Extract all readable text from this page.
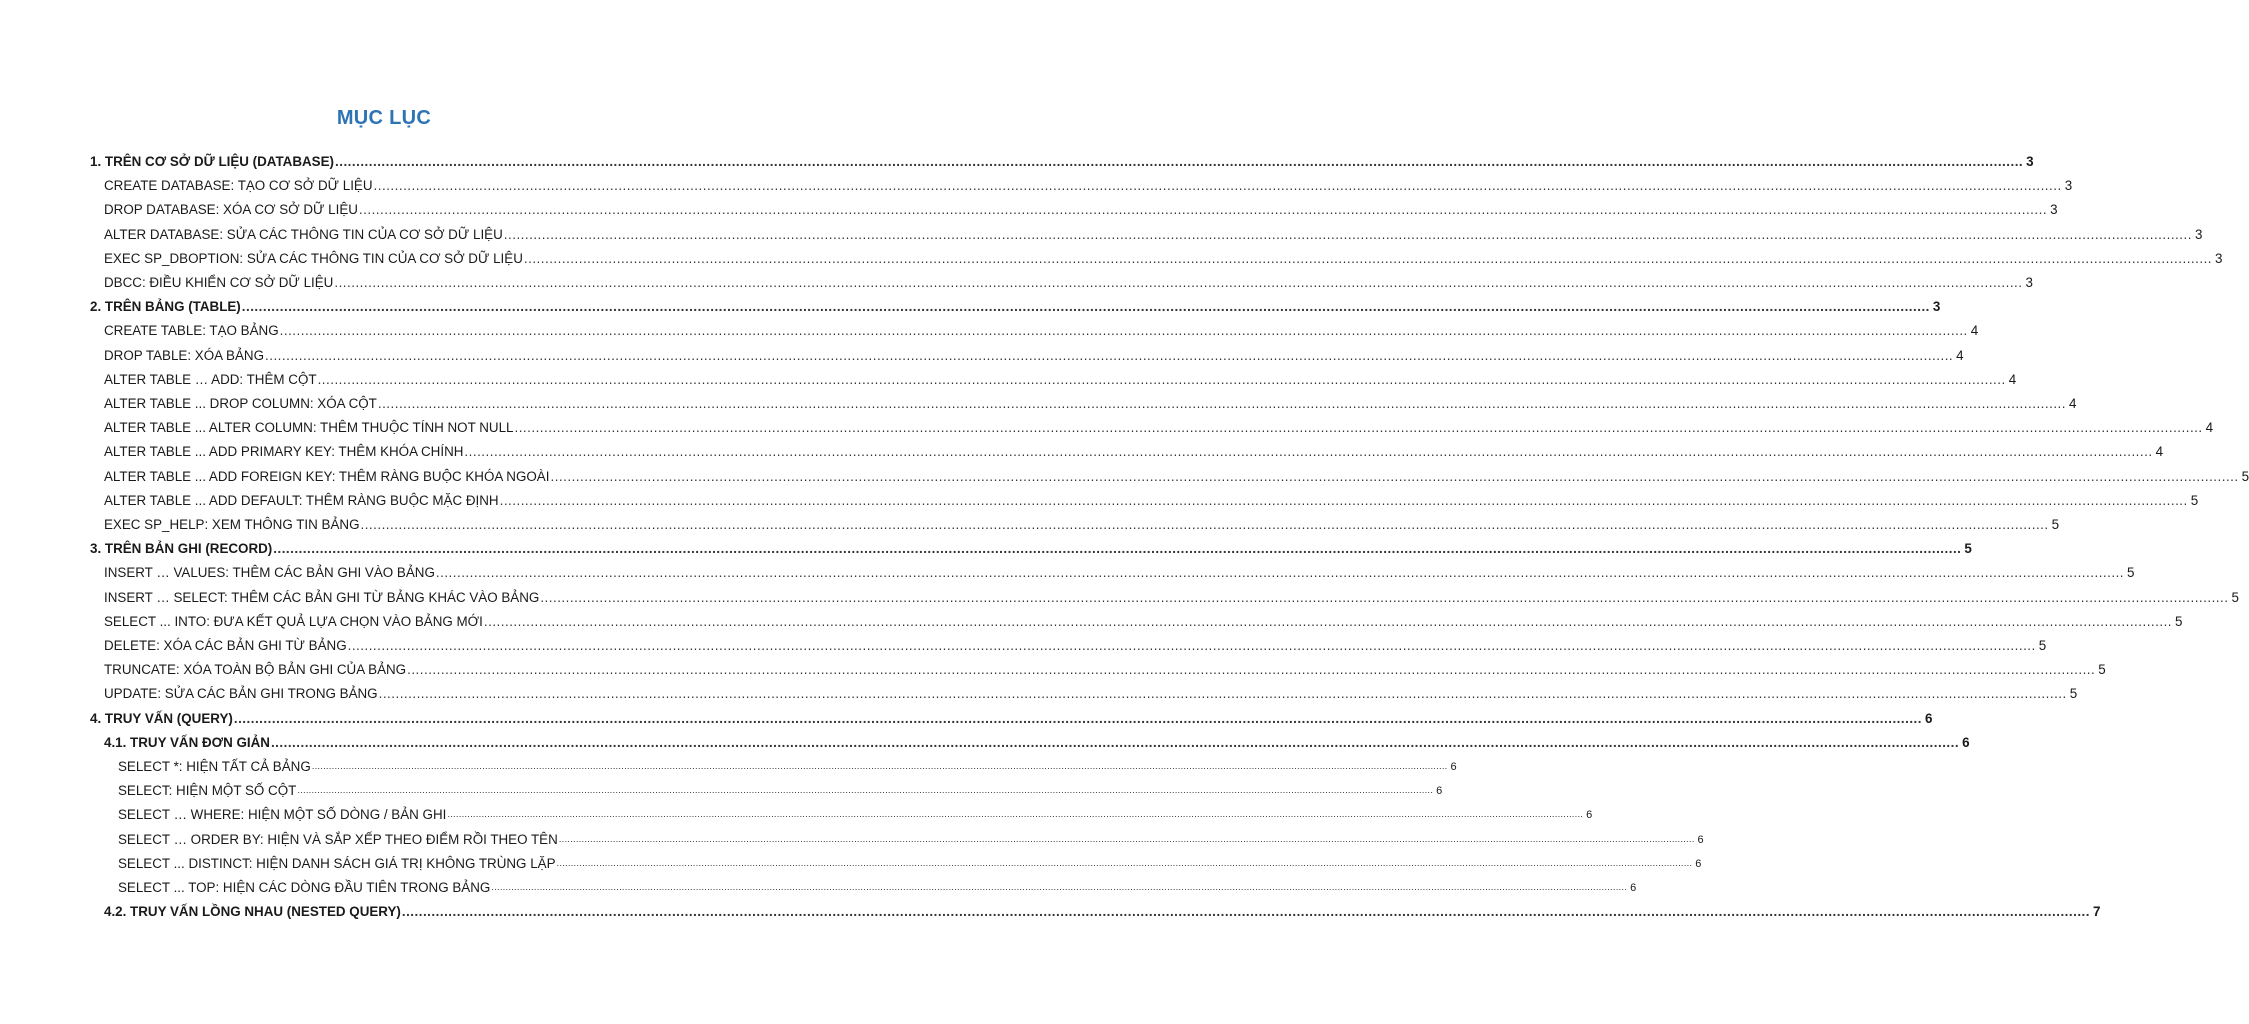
MỤC LỤC
1. TRÊN CƠ SỞ DỮ LIỆU (DATABASE) ................................................................................................................................................................................................................................................................................................................................................................................................................ 3
CREATE DATABASE: TẠO CƠ SỞ DỮ LIỆU ................................................................................................................................................................................................................................................................................................................................................................................................................ 3
DROP DATABASE: XÓA CƠ SỞ DỮ LIỆU ................................................................................................................................................................................................................................................................................................................................................................................................................ 3
ALTER DATABASE: SỬA CÁC THÔNG TIN CỦA CƠ SỞ DỮ LIỆU ................................................................................................................................................................................................................................................................................................................................................................................................................ 3
EXEC SP_DBOPTION: SỬA CÁC THÔNG TIN CỦA CƠ SỞ DỮ LIỆU ................................................................................................................................................................................................................................................................................................................................................................................................................ 3
DBCC: ĐIỀU KHIỂN CƠ SỞ DỮ LIỆU ................................................................................................................................................................................................................................................................................................................................................................................................................ 3
2. TRÊN BẢNG (TABLE) ................................................................................................................................................................................................................................................................................................................................................................................................................ 3
CREATE TABLE: TẠO BẢNG ................................................................................................................................................................................................................................................................................................................................................................................................................ 4
DROP TABLE: XÓA BẢNG ................................................................................................................................................................................................................................................................................................................................................................................................................ 4
ALTER TABLE … ADD: THÊM CỘT ................................................................................................................................................................................................................................................................................................................................................................................................................ 4
ALTER TABLE ... DROP COLUMN: XÓA CỘT ................................................................................................................................................................................................................................................................................................................................................................................................................ 4
ALTER TABLE ... ALTER COLUMN: THÊM THUỘC TÍNH NOT NULL ................................................................................................................................................................................................................................................................................................................................................................................................................ 4
ALTER TABLE ... ADD PRIMARY KEY: THÊM KHÓA CHÍNH ................................................................................................................................................................................................................................................................................................................................................................................................................ 4
ALTER TABLE ... ADD FOREIGN KEY: THÊM RÀNG BUỘC KHÓA NGOÀI ................................................................................................................................................................................................................................................................................................................................................................................................................ 5
ALTER TABLE ... ADD DEFAULT: THÊM RÀNG BUỘC MẶC ĐỊNH ................................................................................................................................................................................................................................................................................................................................................................................................................ 5
EXEC SP_HELP: XEM THÔNG TIN BẢNG ................................................................................................................................................................................................................................................................................................................................................................................................................ 5
3. TRÊN BẢN GHI (RECORD) ................................................................................................................................................................................................................................................................................................................................................................................................................ 5
INSERT … VALUES: THÊM CÁC BẢN GHI VÀO BẢNG ................................................................................................................................................................................................................................................................................................................................................................................................................ 5
INSERT … SELECT: THÊM CÁC BẢN GHI TỪ BẢNG KHÁC VÀO BẢNG ................................................................................................................................................................................................................................................................................................................................................................................................................ 5
SELECT ... INTO: ĐƯA KẾT QUẢ LỰA CHỌN VÀO BẢNG MỚI ................................................................................................................................................................................................................................................................................................................................................................................................................ 5
DELETE: XÓA CÁC BẢN GHI TỪ BẢNG ................................................................................................................................................................................................................................................................................................................................................................................................................ 5
TRUNCATE: XÓA TOÀN BỘ BẢN GHI CỦA BẢNG ................................................................................................................................................................................................................................................................................................................................................................................................................ 5
UPDATE: SỬA CÁC BẢN GHI TRONG BẢNG ................................................................................................................................................................................................................................................................................................................................................................................................................ 5
4. TRUY VẤN (QUERY) ................................................................................................................................................................................................................................................................................................................................................................................................................ 6
4.1. TRUY VẤN ĐƠN GIẢN ................................................................................................................................................................................................................................................................................................................................................................................................................ 6
SELECT *: HIỆN TẤT CẢ BẢNG ................................................................................................................................................................................................................................................................................................................................................................................................................ 6
SELECT: HIỆN MỘT SỐ CỘT ................................................................................................................................................................................................................................................................................................................................................................................................................ 6
SELECT … WHERE: HIỆN MỘT SỐ DÒNG / BẢN GHI ................................................................................................................................................................................................................................................................................................................................................................................................................ 6
SELECT … ORDER BY: HIỆN VÀ SẮP XẾP THEO ĐIỂM RỒI THEO TÊN ................................................................................................................................................................................................................................................................................................................................................................................................................ 6
SELECT ... DISTINCT: HIỆN DANH SÁCH GIÁ TRỊ KHÔNG TRÙNG LẶP ................................................................................................................................................................................................................................................................................................................................................................................................................ 6
SELECT ... TOP: HIỆN CÁC DÒNG ĐẦU TIÊN TRONG BẢNG ................................................................................................................................................................................................................................................................................................................................................................................................................ 6
4.2. TRUY VẤN LỒNG NHAU (NESTED QUERY) ................................................................................................................................................................................................................................................................................................................................................................................................................ 7
